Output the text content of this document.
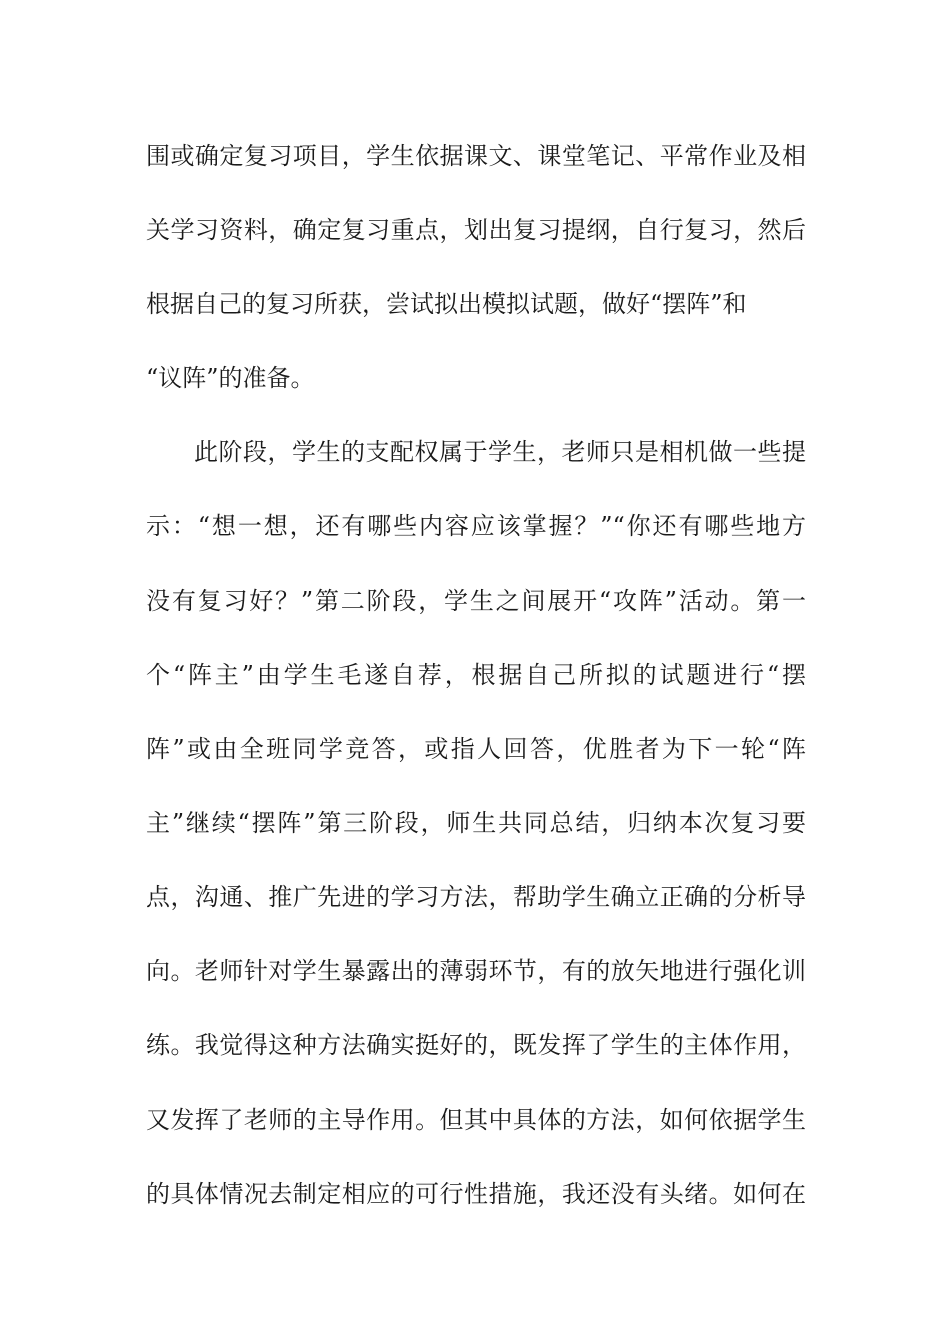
围或确定复习项目，学生依据课文、课堂笔记、平常作业及相
关学习资料，确定复习重点，划出复习提纲，自行复习，然后
根据自己的复习所获，尝试拟出模拟试题，做好“摆阵”和
“议阵”的准备。
此阶段，学生的支配权属于学生，老师只是相机做一些提
示：“想一想，还有哪些内容应该掌握？”“你还有哪些地方
没有复习好？”第二阶段，学生之间展开“攻阵”活动。第一
个“阵主”由学生毛遂自荐，根据自己所拟的试题进行“摆
阵”或由全班同学竞答，或指人回答，优胜者为下一轮“阵
主”继续“摆阵”第三阶段，师生共同总结，归纳本次复习要
点，沟通、推广先进的学习方法，帮助学生确立正确的分析导
向。老师针对学生暴露出的薄弱环节，有的放矢地进行强化训
练。我觉得这种方法确实挺好的，既发挥了学生的主体作用，
又发挥了老师的主导作用。但其中具体的方法，如何依据学生
的具体情况去制定相应的可行性措施，我还没有头绪。如何在
